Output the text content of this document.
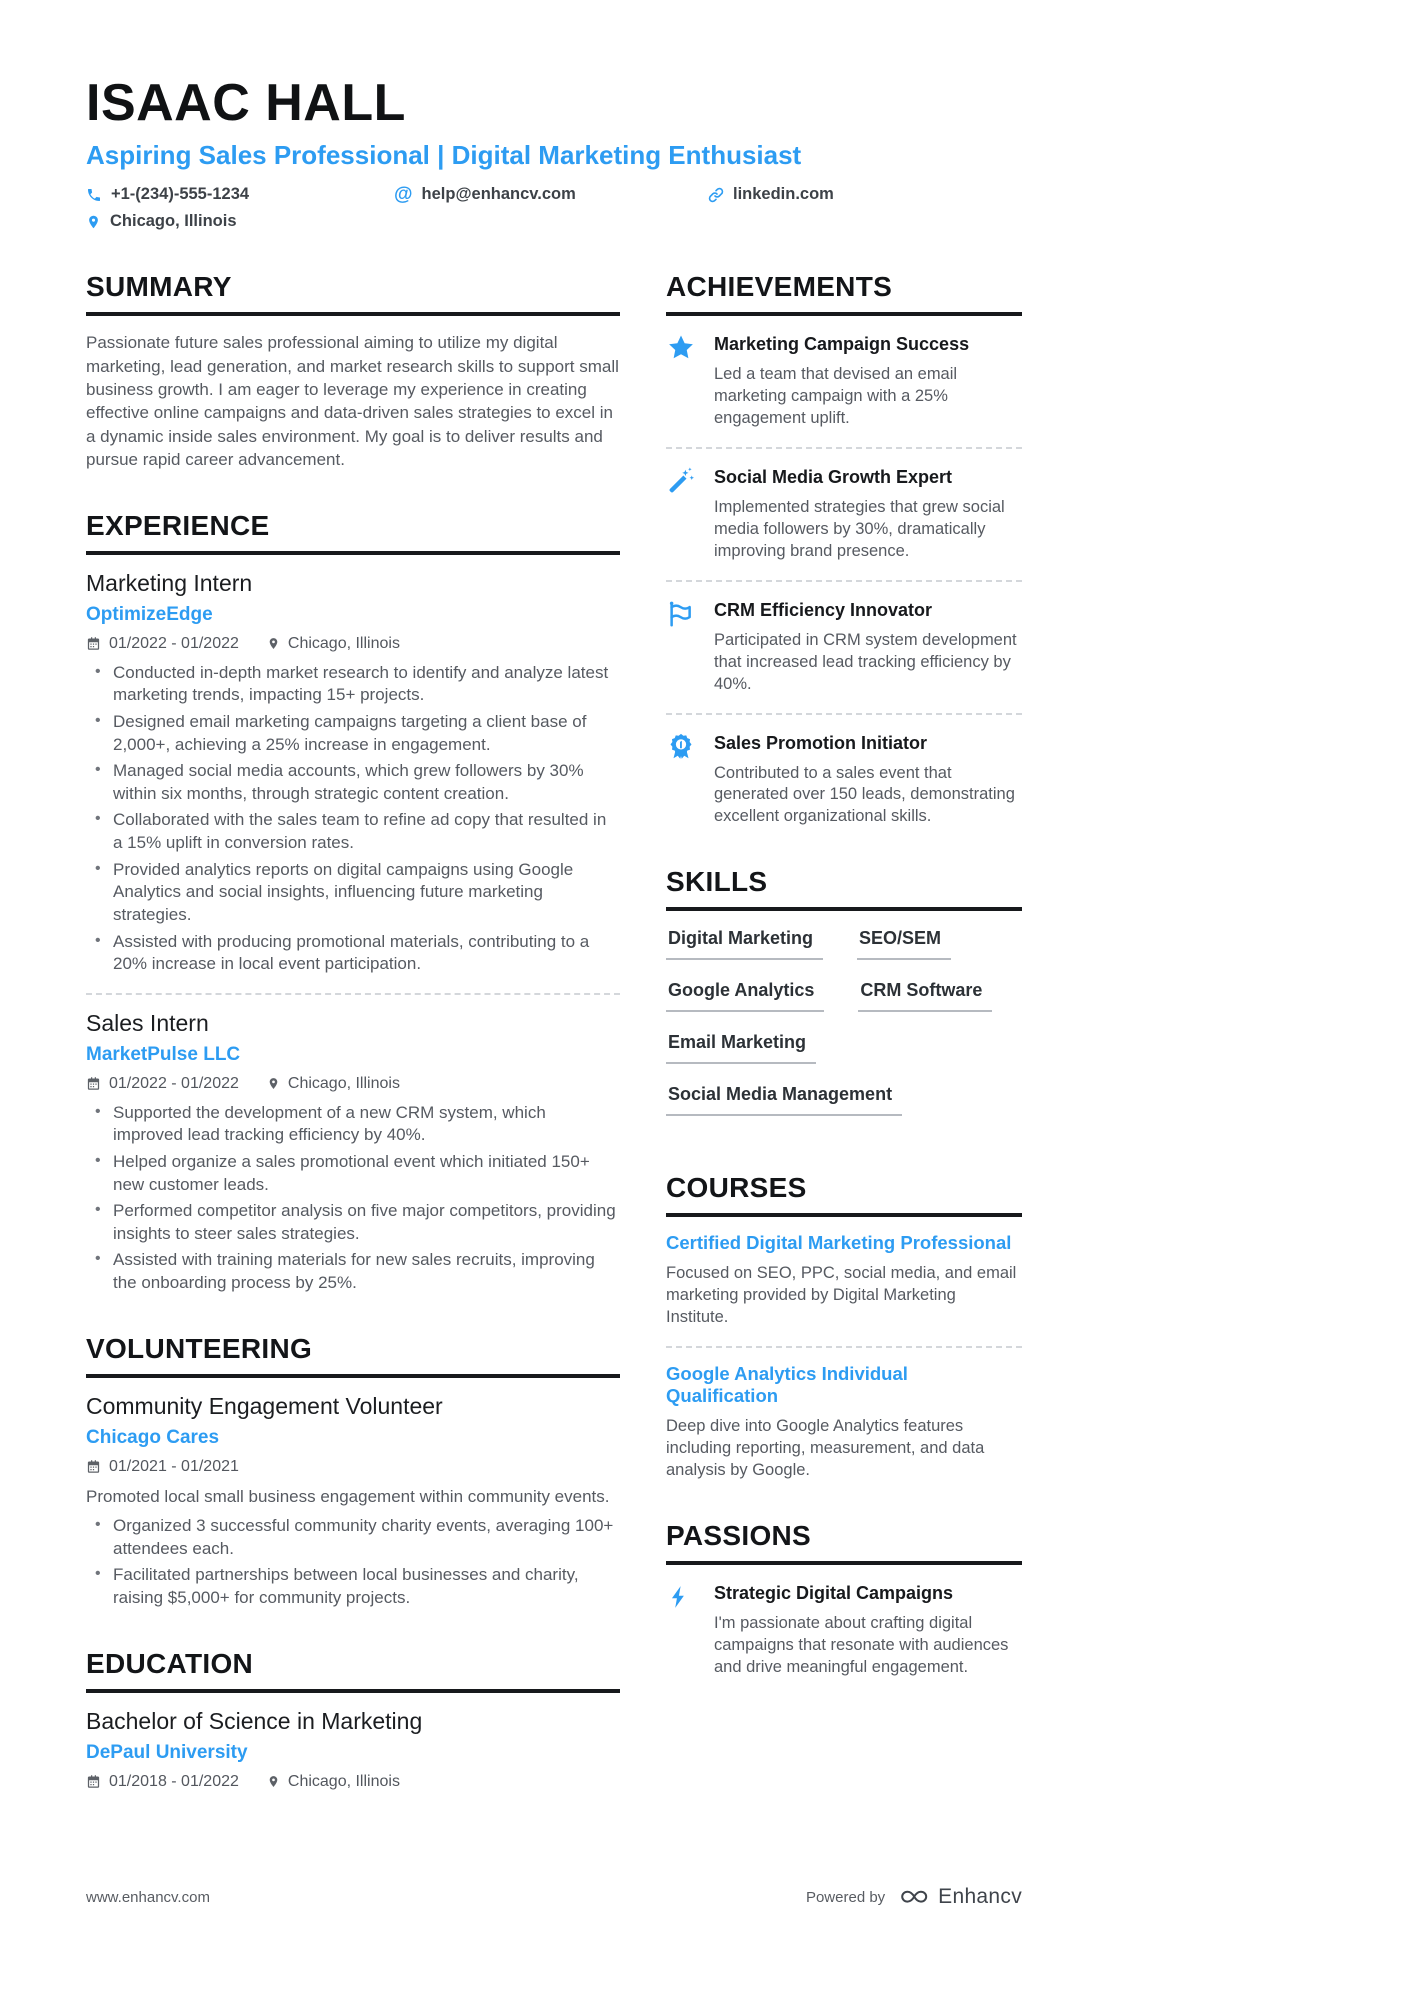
ISAAC HALL
Aspiring Sales Professional | Digital Marketing Enthusiast
+1-(234)-555-1234	@ help@enhancv.com	linkedin.com
Chicago, Illinois
SUMMARY

Passionate future sales professional aiming to utilize my digital marketing, lead generation, and market research skills to support small business growth. I am eager to leverage my experience in creating effective online campaigns and data-driven sales strategies to excel in a dynamic inside sales environment. My goal is to deliver results and pursue rapid career advancement.

EXPERIENCE
Marketing Intern
OptimizeEdge
01/2022 - 01/2022	Chicago, Illinois
• Conducted in-depth market research to identify and analyze latest marketing trends, impacting 15+ projects.
• Designed email marketing campaigns targeting a client base of 2,000+, achieving a 25% increase in engagement.
• Managed social media accounts, which grew followers by 30% within six months, through strategic content creation.
• Collaborated with the sales team to refine ad copy that resulted in a 15% uplift in conversion rates.
• Provided analytics reports on digital campaigns using Google Analytics and social insights, influencing future marketing strategies.
• Assisted with producing promotional materials, contributing to a 20% increase in local event participation.
Sales Intern
MarketPulse LLC
01/2022 - 01/2022	Chicago, Illinois
• Supported the development of a new CRM system, which improved lead tracking efficiency by 40%.
• Helped organize a sales promotional event which initiated 150+ new customer leads.
• Performed competitor analysis on five major competitors, providing insights to steer sales strategies.
• Assisted with training materials for new sales recruits, improving the onboarding process by 25%.
VOLUNTEERING
Community Engagement Volunteer
Chicago Cares
01/2021 - 01/2021

Promoted local small business engagement within community events.

• Organized 3 successful community charity events, averaging 100+ attendees each.
• Facilitated partnerships between local businesses and charity, raising $5,000+ for community projects.
EDUCATION
Bachelor of Science in Marketing
DePaul University
01/2018 - 01/2022	Chicago, Illinois
ACHIEVEMENTS
Marketing Campaign Success
Led a team that devised an email marketing campaign with a 25% engagement uplift.
Social Media Growth Expert
Implemented strategies that grew social media followers by 30%, dramatically improving brand presence.
CRM Efficiency Innovator
Participated in CRM system development that increased lead tracking efficiency by 40%.
Sales Promotion Initiator
Contributed to a sales event that generated over 150 leads, demonstrating excellent organizational skills.
SKILLS
Digital Marketing	SEO/SEM
Google Analytics	CRM Software
Email Marketing
Social Media Management
COURSES
Certified Digital Marketing Professional
Focused on SEO, PPC, social media, and email marketing provided by Digital Marketing Institute.
Google Analytics Individual Qualification
Deep dive into Google Analytics features including reporting, measurement, and data analysis by Google.
PASSIONS
Strategic Digital Campaigns
I'm passionate about crafting digital campaigns that resonate with audiences and drive meaningful engagement.
www.enhancv.com	Powered by	Enhancv
